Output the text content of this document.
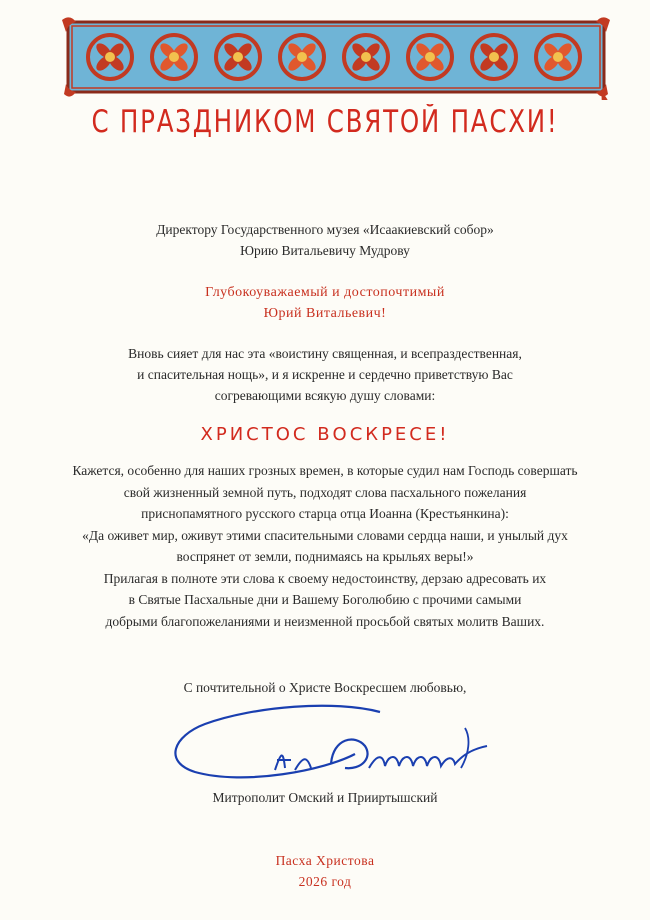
С ПРАЗДНИКОМ СВЯТОЙ ПАСХИ!
Директору Государственного музея «Исаакиевский собор»
Юрию Витальевичу Мудрову
Глубокоуважаемый и достопочтимый
Юрий Витальевич!
Вновь сияет для нас эта «воистину священная, и всепраздественная,
и спасительная нощь», и я искренне и сердечно приветствую Вас
согревающими всякую душу словами:
ХРИСТОС ВОСКРЕСЕ!
Кажется, особенно для наших грозных времен, в которые судил нам Господь совершать
свой жизненный земной путь, подходят слова пасхального пожелания
приснопамятного русского старца отца Иоанна (Крестьянкина):
«Да оживет мир, оживут этими спасительными словами сердца наши, и унылый дух
воспрянет от земли, поднимаясь на крыльях веры!»
Прилагая в полноте эти слова к своему недостоинству, дерзаю адресовать их
в Святые Пасхальные дни и Вашему Боголюбию с прочими самыми
добрыми благопожеланиями и неизменной просьбой святых молитв Ваших.
С почтительной о Христе Воскресшем любовью,
Митрополит Омский и Прииртышский
Пасха Христова
2026 год
